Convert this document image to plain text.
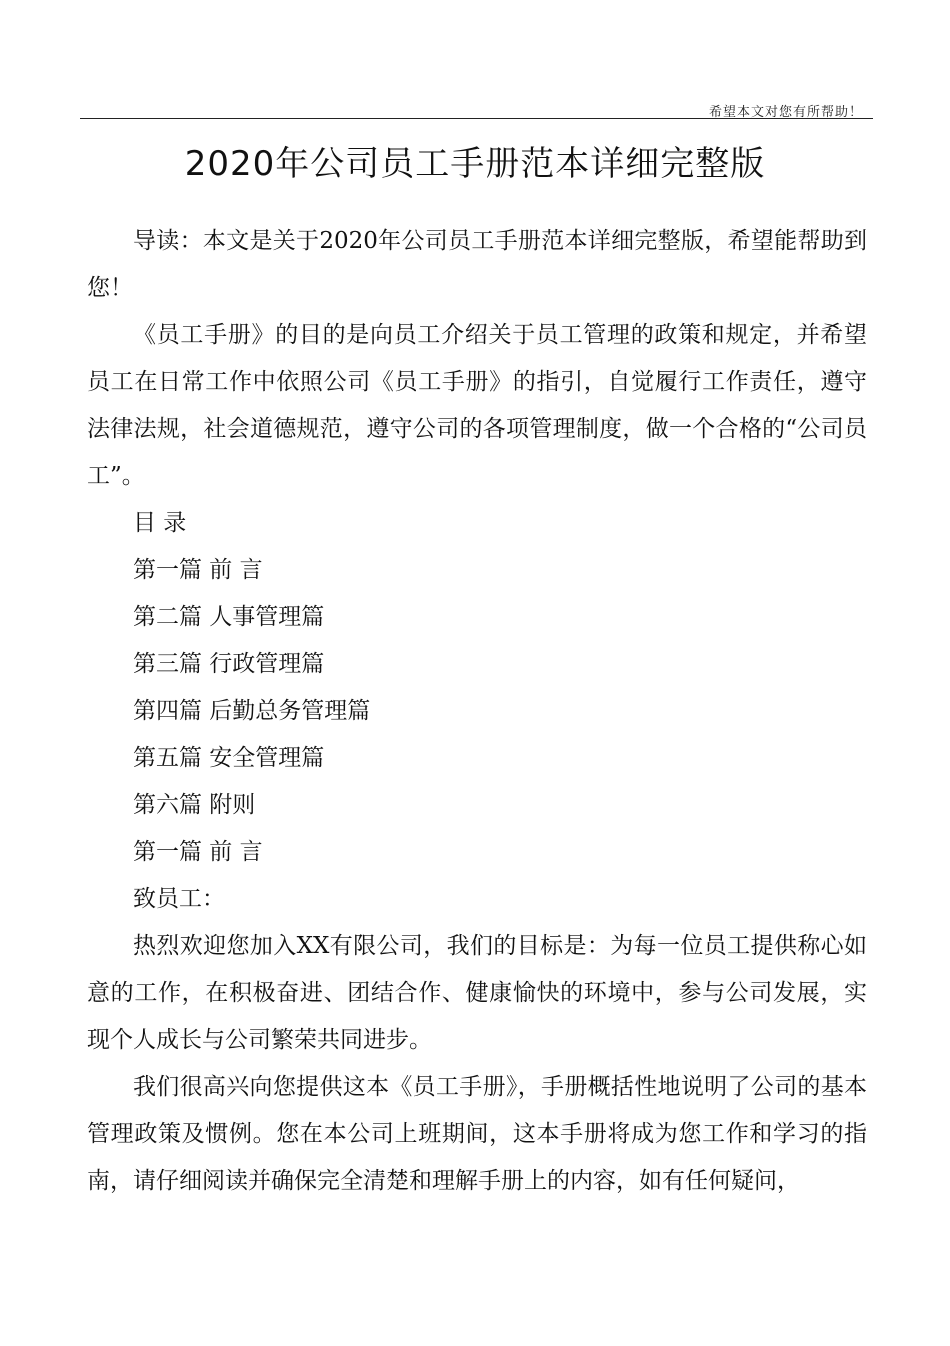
希望本文对您有所帮助！
2020年公司员工手册范本详细完整版

导读：本文是关于2020年公司员工手册范本详细完整版，希望能帮助到您！

《员工手册》的目的是向员工介绍关于员工管理的政策和规定，并希望员工在日常工作中依照公司《员工手册》的指引，自觉履行工作责任，遵守法律法规，社会道德规范，遵守公司的各项管理制度，做一个合格的“公司员工”。

目 录
第一篇 前 言
第二篇 人事管理篇
第三篇 行政管理篇
第四篇 后勤总务管理篇
第五篇 安全管理篇
第六篇 附则
第一篇 前 言
致员工：

热烈欢迎您加入XX有限公司，我们的目标是：为每一位员工提供称心如意的工作，在积极奋进、团结合作、健康愉快的环境中，参与公司发展，实现个人成长与公司繁荣共同进步。

我们很高兴向您提供这本《员工手册》，手册概括性地说明了公司的基本管理政策及惯例。您在本公司上班期间，这本手册将成为您工作和学习的指南，请仔细阅读并确保完全清楚和理解手册上的内容，如有任何疑问，
